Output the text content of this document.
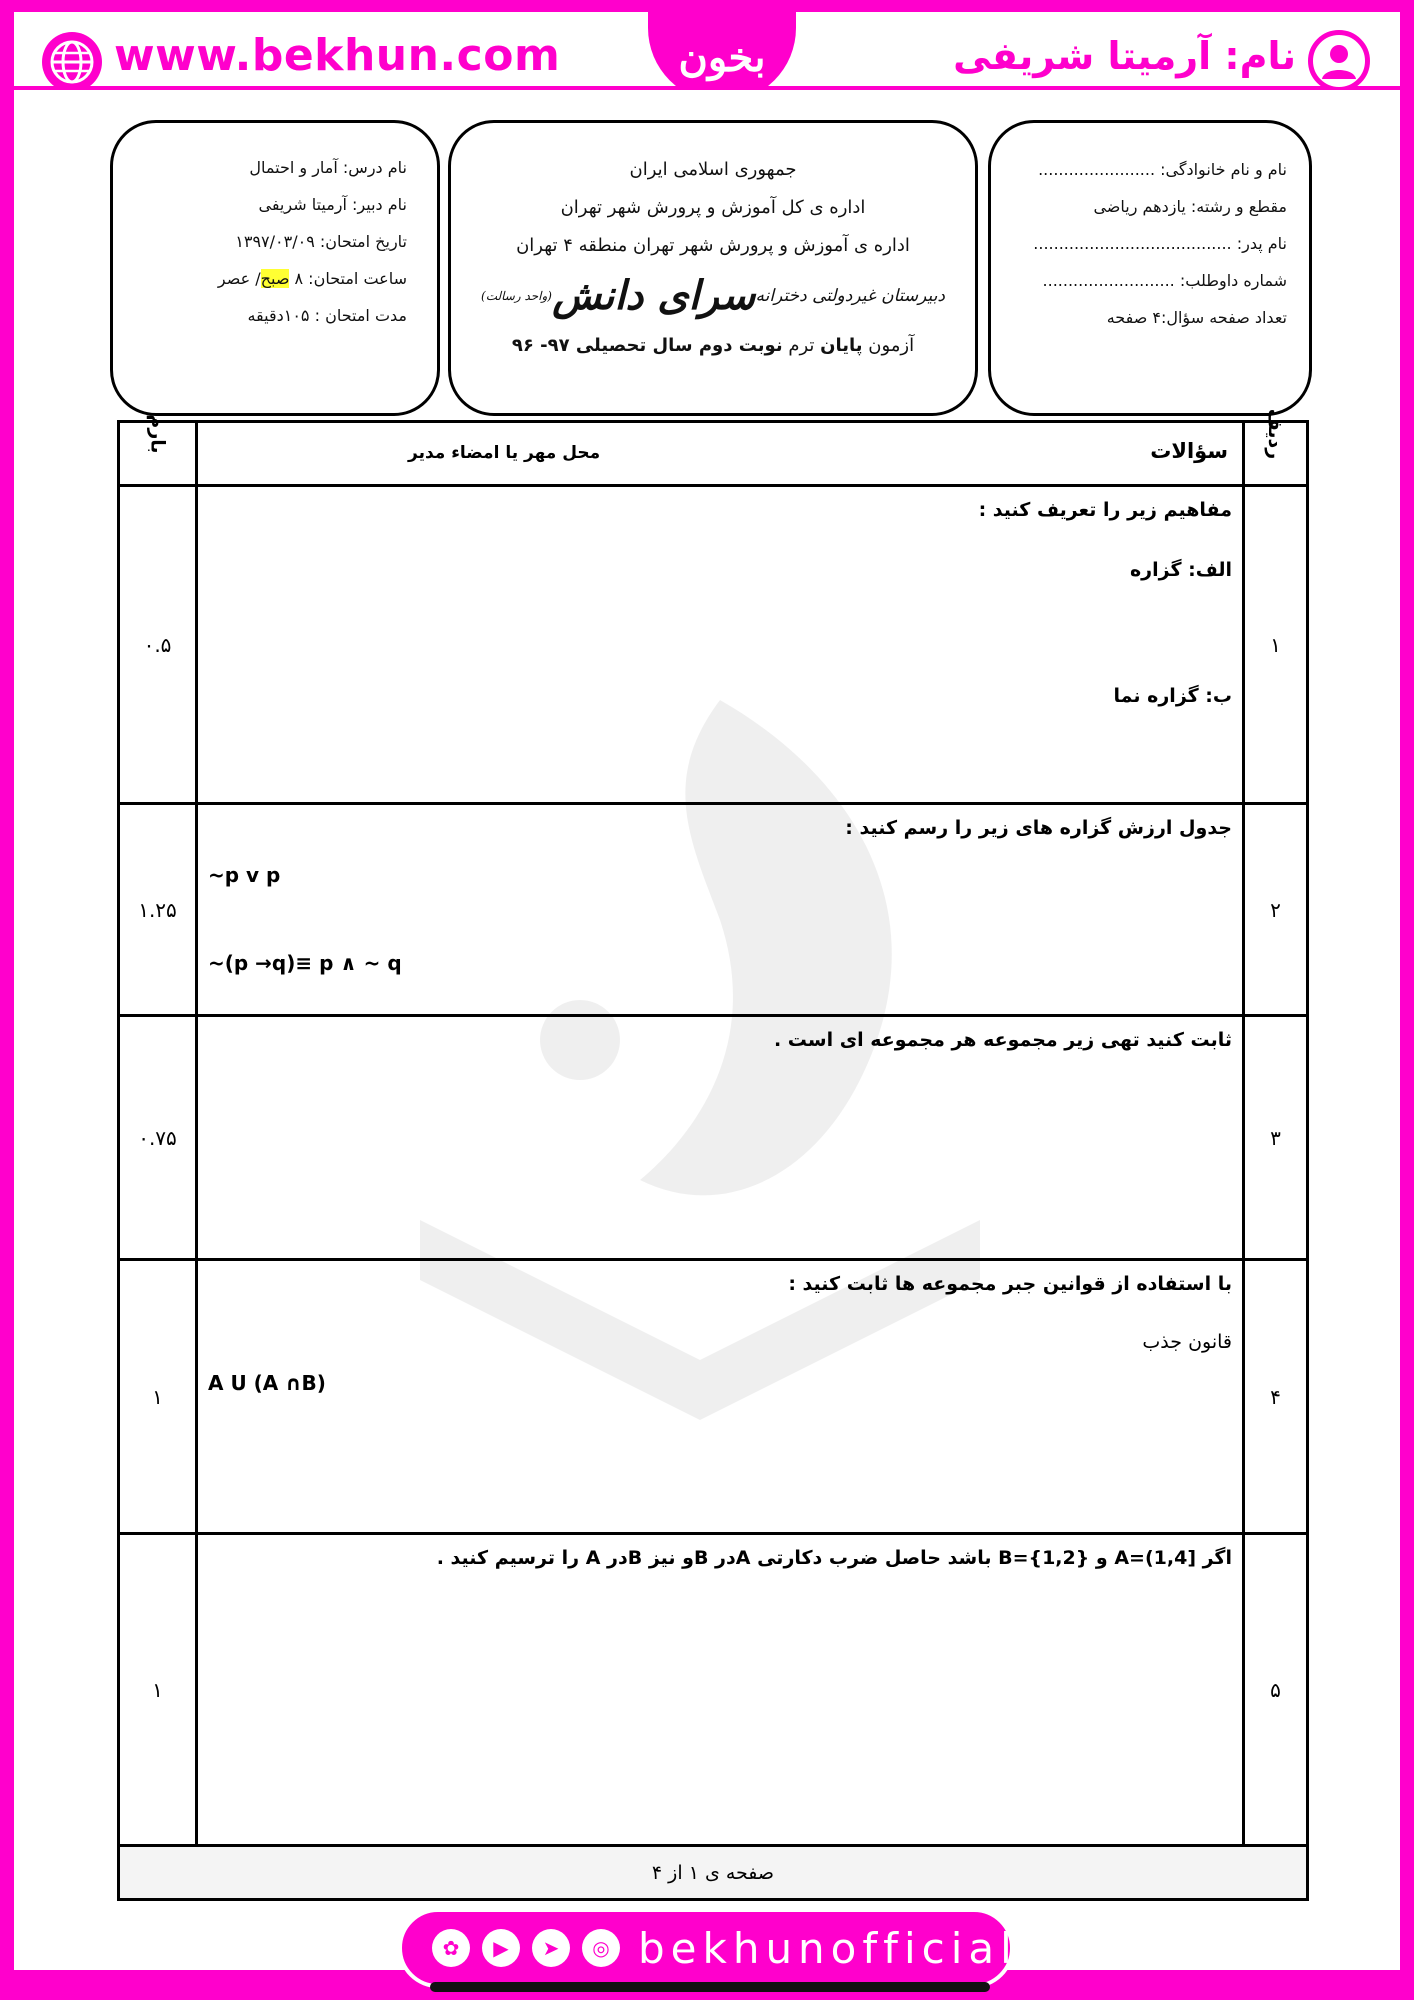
www.bekhun.com	بخون	نام: آرمیتا شریفی
نام درس: آمار و احتمال
نام دبیر: آرمیتا شریفی
تاریخ امتحان: ۱۳۹۷/۰۳/۰۹
ساعت امتحان: ۸ صبح/ عصر
مدت امتحان : ۱۰۵دقیقه
جمهوری اسلامی ایران
اداره ی کل آموزش و پرورش شهر تهران
اداره ی آموزش و پرورش شهر تهران منطقه ۴ تهران
دبیرستان غیردولتی دخترانه
سرای دانش
(واحد رسالت)
آزمون پایان ترم نوبت دوم سال تحصیلی ۹۷- ۹۶
نام و نام خانوادگی: .......................
مقطع و رشته: یازدهم ریاضی
نام پدر: .......................................
شماره داوطلب: ..........................
تعداد صفحه سؤال:۴ صفحه
ردیف	سؤالات
محل مهر یا امضاء مدیر	بارم
۱	مفاهیم زیر را تعریف کنید :
الف: گزاره
ب: گزاره نما	۰.۵
۲	جدول ارزش گزاره های زیر را رسم کنید :
~p v p
~(p →q)≡ p ∧ ~ q	۱.۲۵
۳	ثابت کنید تهی زیر مجموعه هر مجموعه ای است .	۰.۷۵
۴	با استفاده از قوانین جبر مجموعه ها ثابت کنید :
قانون جذب
A U (A ∩B)	۱
۵	اگر [1,4)=A و {1,2}=B باشد حاصل ضرب دکارتی Aدر Bو نیز Bدر A را ترسیم کنید .	۱
صفحه ی ۱ از ۴		
✿	▶	➤	◎ bekhunofficial
